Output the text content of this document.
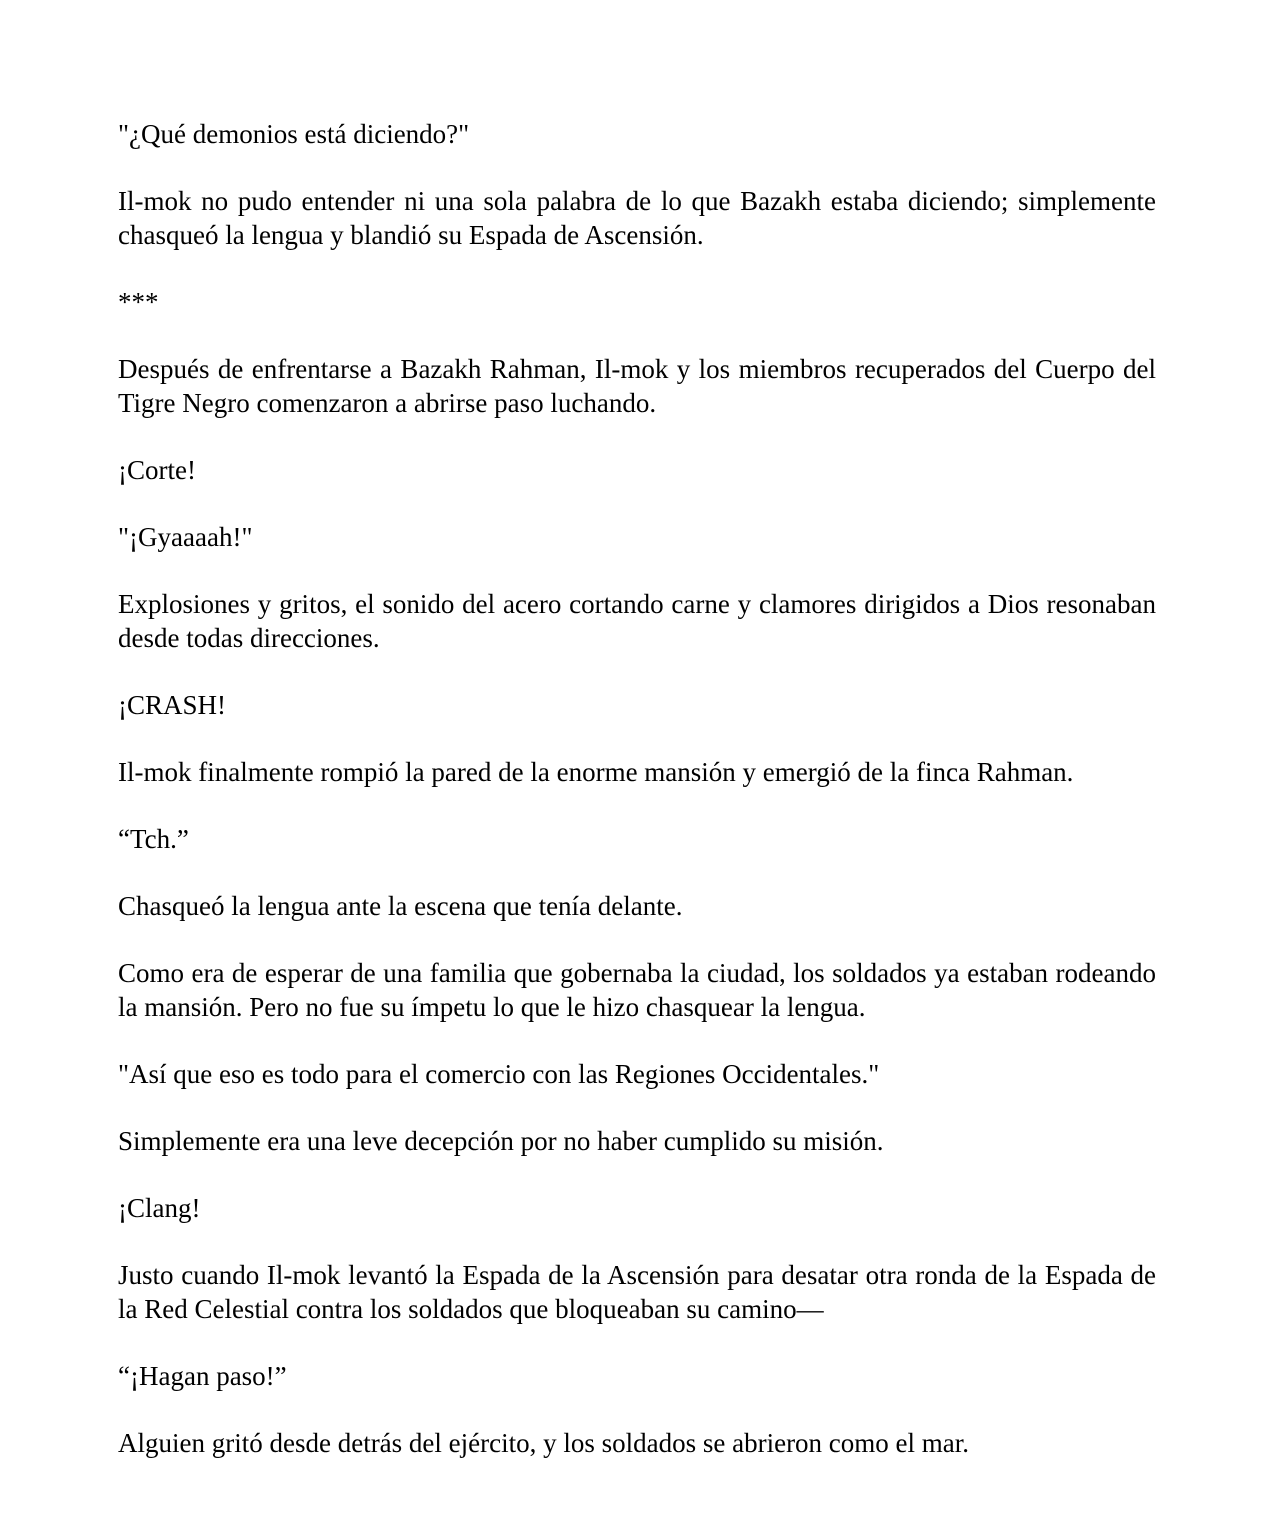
"¿Qué demonios está diciendo?"

Il-mok no pudo entender ni una sola palabra de lo que Bazakh estaba diciendo; simplemente chasqueó la lengua y blandió su Espada de Ascensión.

***

Después de enfrentarse a Bazakh Rahman, Il-mok y los miembros recuperados del Cuerpo del Tigre Negro comenzaron a abrirse paso luchando.

¡Corte!

"¡Gyaaaah!"

Explosiones y gritos, el sonido del acero cortando carne y clamores dirigidos a Dios resonaban desde todas direcciones.

¡CRASH!

Il-mok finalmente rompió la pared de la enorme mansión y emergió de la finca Rahman.

“Tch.”

Chasqueó la lengua ante la escena que tenía delante.

Como era de esperar de una familia que gobernaba la ciudad, los soldados ya estaban rodeando la mansión. Pero no fue su ímpetu lo que le hizo chasquear la lengua.

"Así que eso es todo para el comercio con las Regiones Occidentales."

Simplemente era una leve decepción por no haber cumplido su misión.

¡Clang!

Justo cuando Il-mok levantó la Espada de la Ascensión para desatar otra ronda de la Espada de la Red Celestial contra los soldados que bloqueaban su camino—

“¡Hagan paso!”

Alguien gritó desde detrás del ejército, y los soldados se abrieron como el mar.
